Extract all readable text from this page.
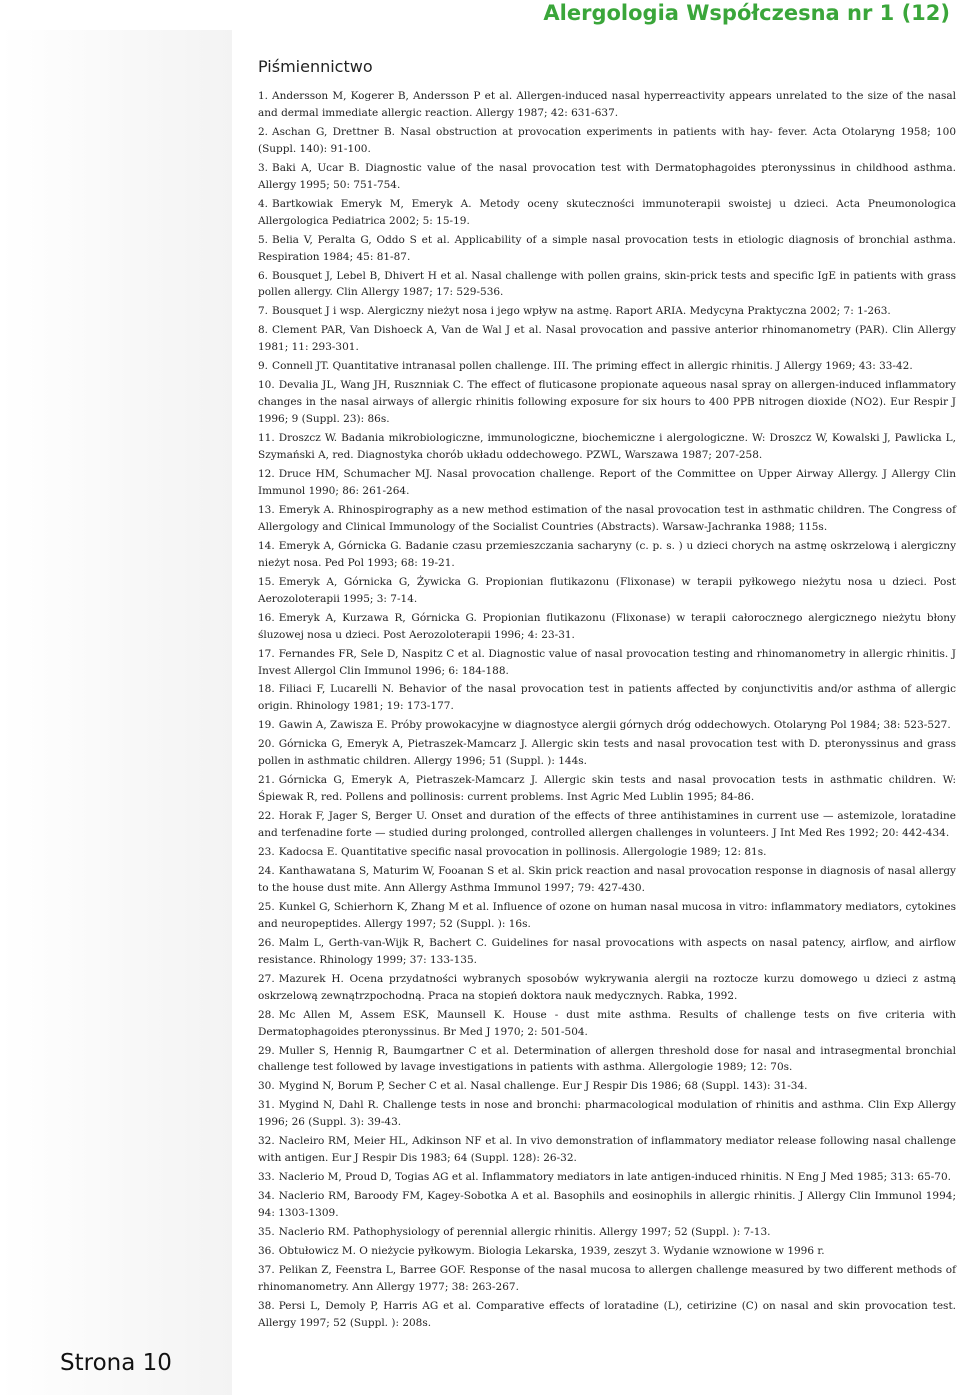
Alergologia Współczesna nr 1 (12)
Strona 10
Piśmiennictwo
1. Andersson M, Kogerer B, Andersson P et al. Allergen-induced nasal hyperreactivity appears unrelated to the size of the nasal and dermal immediate allergic reaction. Allergy 1987; 42: 631-637.
2. Aschan G, Drettner B. Nasal obstruction at provocation experiments in patients with hay- fever. Acta Otolaryng 1958; 100 (Suppl. 140): 91-100.
3. Baki A, Ucar B. Diagnostic value of the nasal provocation test with Dermatophagoides pteronyssinus in childhood asthma. Allergy 1995; 50: 751-754.
4. Bartkowiak Emeryk M, Emeryk A. Metody oceny skuteczności immunoterapii swoistej u dzieci. Acta Pneumonologica Allergologica Pediatrica 2002; 5: 15-19.
5. Belia V, Peralta G, Oddo S et al. Applicability of a simple nasal provocation tests in etiologic diagnosis of bronchial asthma. Respiration 1984; 45: 81-87.
6. Bousquet J, Lebel B, Dhivert H et al. Nasal challenge with pollen grains, skin-prick tests and specific IgE in patients with grass pollen allergy. Clin Allergy 1987; 17: 529-536.
7. Bousquet J i wsp. Alergiczny nieżyt nosa i jego wpływ na astmę. Raport ARIA. Medycyna Praktyczna 2002; 7: 1-263.
8. Clement PAR, Van Dishoeck A, Van de Wal J et al. Nasal provocation and passive anterior rhinomanometry (PAR). Clin Allergy 1981; 11: 293-301.
9. Connell JT. Quantitative intranasal pollen challenge. III. The priming effect in allergic rhinitis. J Allergy 1969; 43: 33-42.
10. Devalia JL, Wang JH, Rusznniak C. The effect of fluticasone propionate aqueous nasal spray on allergen-induced inflammatory changes in the nasal airways of allergic rhinitis following exposure for six hours to 400 PPB nitrogen dioxide (NO2). Eur Respir J 1996; 9 (Suppl. 23): 86s.
11. Droszcz W. Badania mikrobiologiczne, immunologiczne, biochemiczne i alergologiczne. W: Droszcz W, Kowalski J, Pawlicka L, Szymański A, red. Diagnostyka chorób układu oddechowego. PZWL, Warszawa 1987; 207-258.
12. Druce HM, Schumacher MJ. Nasal provocation challenge. Report of the Committee on Upper Airway Allergy. J Allergy Clin Immunol 1990; 86: 261-264.
13. Emeryk A. Rhinospirography as a new method estimation of the nasal provocation test in asthmatic children. The Congress of Allergology and Clinical Immunology of the Socialist Countries (Abstracts). Warsaw-Jachranka 1988; 115s.
14. Emeryk A, Górnicka G. Badanie czasu przemieszczania sacharyny (c. p. s. ) u dzieci chorych na astmę oskrzelową i alergiczny nieżyt nosa. Ped Pol 1993; 68: 19-21.
15. Emeryk A, Górnicka G, Żywicka G. Propionian flutikazonu (Flixonase) w terapii pyłkowego nieżytu nosa u dzieci. Post Aerozoloterapii 1995; 3: 7-14.
16. Emeryk A, Kurzawa R, Górnicka G. Propionian flutikazonu (Flixonase) w terapii całorocznego alergicznego nieżytu błony śluzowej nosa u dzieci. Post Aerozoloterapii 1996; 4: 23-31.
17. Fernandes FR, Sele D, Naspitz C et al. Diagnostic value of nasal provocation testing and rhinomanometry in allergic rhinitis. J Invest Allergol Clin Immunol 1996; 6: 184-188.
18. Filiaci F, Lucarelli N. Behavior of the nasal provocation test in patients affected by conjunctivitis and/or asthma of allergic origin. Rhinology 1981; 19: 173-177.
19. Gawin A, Zawisza E. Próby prowokacyjne w diagnostyce alergii górnych dróg oddechowych. Otolaryng Pol 1984; 38: 523-527.
20. Górnicka G, Emeryk A, Pietraszek-Mamcarz J. Allergic skin tests and nasal provocation test with D. pteronyssinus and grass pollen in asthmatic children. Allergy 1996; 51 (Suppl. ): 144s.
21. Górnicka G, Emeryk A, Pietraszek-Mamcarz J. Allergic skin tests and nasal provocation tests in asthmatic children. W: Śpiewak R, red. Pollens and pollinosis: current problems. Inst Agric Med Lublin 1995; 84-86.
22. Horak F, Jager S, Berger U. Onset and duration of the effects of three antihistamines in current use — astemizole, loratadine and terfenadine forte — studied during prolonged, controlled allergen challenges in volunteers. J Int Med Res 1992; 20: 442-434.
23. Kadocsa E. Quantitative specific nasal provocation in pollinosis. Allergologie 1989; 12: 81s.
24. Kanthawatana S, Maturim W, Fooanan S et al. Skin prick reaction and nasal provocation response in diagnosis of nasal allergy to the house dust mite. Ann Allergy Asthma Immunol 1997; 79: 427-430.
25. Kunkel G, Schierhorn K, Zhang M et al. Influence of ozone on human nasal mucosa in vitro: inflammatory mediators, cytokines and neuropeptides. Allergy 1997; 52 (Suppl. ): 16s.
26. Malm L, Gerth-van-Wijk R, Bachert C. Guidelines for nasal provocations with aspects on nasal patency, airflow, and airflow resistance. Rhinology 1999; 37: 133-135.
27. Mazurek H. Ocena przydatności wybranych sposobów wykrywania alergii na roztocze kurzu domowego u dzieci z astmą oskrzelową zewnątrzpochodną. Praca na stopień doktora nauk medycznych. Rabka, 1992.
28. Mc Allen M, Assem ESK, Maunsell K. House - dust mite asthma. Results of challenge tests on five criteria with Dermatophagoides pteronyssinus. Br Med J 1970; 2: 501-504.
29. Muller S, Hennig R, Baumgartner C et al. Determination of allergen threshold dose for nasal and intrasegmental bronchial challenge test followed by lavage investigations in patients with asthma. Allergologie 1989; 12: 70s.
30. Mygind N, Borum P, Secher C et al. Nasal challenge. Eur J Respir Dis 1986; 68 (Suppl. 143): 31-34.
31. Mygind N, Dahl R. Challenge tests in nose and bronchi: pharmacological modulation of rhinitis and asthma. Clin Exp Allergy 1996; 26 (Suppl. 3): 39-43.
32. Nacleiro RM, Meier HL, Adkinson NF et al. In vivo demonstration of inflammatory mediator release following nasal challenge with antigen. Eur J Respir Dis 1983; 64 (Suppl. 128): 26-32.
33. Naclerio M, Proud D, Togias AG et al. Inflammatory mediators in late antigen-induced rhinitis. N Eng J Med 1985; 313: 65-70.
34. Naclerio RM, Baroody FM, Kagey-Sobotka A et al. Basophils and eosinophils in allergic rhinitis. J Allergy Clin Immunol 1994; 94: 1303-1309.
35. Naclerio RM. Pathophysiology of perennial allergic rhinitis. Allergy 1997; 52 (Suppl. ): 7-13.
36. Obtułowicz M. O nieżycie pyłkowym. Biologia Lekarska, 1939, zeszyt 3. Wydanie wznowione w 1996 r.
37. Pelikan Z, Feenstra L, Barree GOF. Response of the nasal mucosa to allergen challenge measured by two different methods of rhinomanometry. Ann Allergy 1977; 38: 263-267.
38. Persi L, Demoly P, Harris AG et al. Comparative effects of loratadine (L), cetirizine (C) on nasal and skin provocation test. Allergy 1997; 52 (Suppl. ): 208s.
